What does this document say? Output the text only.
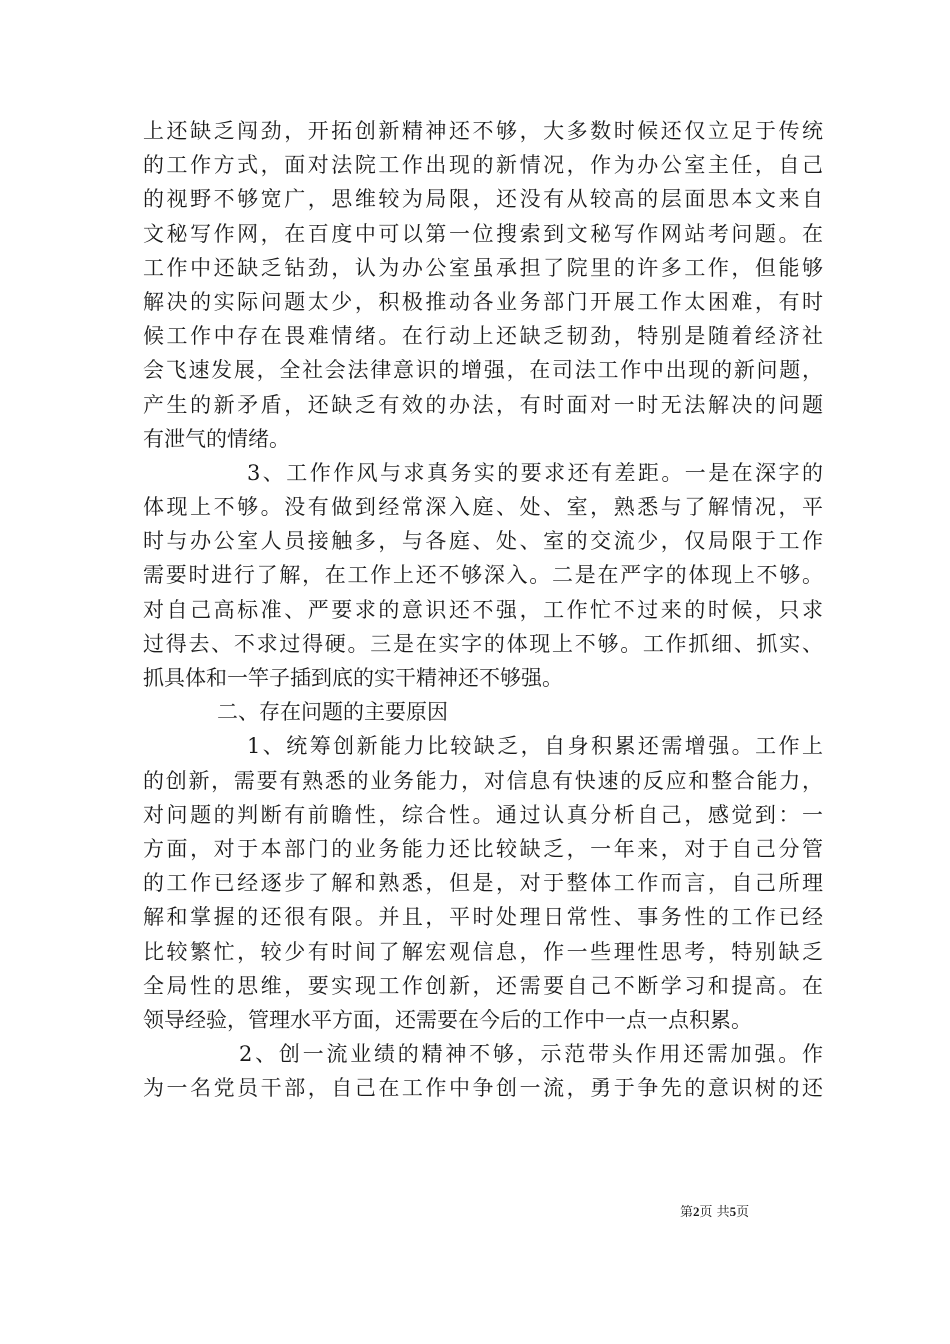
上还缺乏闯劲，开拓创新精神还不够，大多数时候还仅立足于传统
的工作方式，面对法院工作出现的新情况，作为办公室主任，自己
的视野不够宽广，思维较为局限，还没有从较高的层面思本文来自
文秘写作网，在百度中可以第一位搜索到文秘写作网站考问题。在
工作中还缺乏钻劲，认为办公室虽承担了院里的许多工作，但能够
解决的实际问题太少，积极推动各业务部门开展工作太困难，有时
候工作中存在畏难情绪。在行动上还缺乏韧劲，特别是随着经济社
会飞速发展，全社会法律意识的增强，在司法工作中出现的新问题，
产生的新矛盾，还缺乏有效的办法，有时面对一时无法解决的问题
有泄气的情绪。
3、工作作风与求真务实的要求还有差距。一是在深字的
体现上不够。没有做到经常深入庭、处、室，熟悉与了解情况，平
时与办公室人员接触多，与各庭、处、室的交流少，仅局限于工作
需要时进行了解，在工作上还不够深入。二是在严字的体现上不够。
对自己高标准、严要求的意识还不强，工作忙不过来的时候，只求
过得去、不求过得硬。三是在实字的体现上不够。工作抓细、抓实、
抓具体和一竿子插到底的实干精神还不够强。
二、存在问题的主要原因
1、统筹创新能力比较缺乏，自身积累还需增强。工作上
的创新，需要有熟悉的业务能力，对信息有快速的反应和整合能力，
对问题的判断有前瞻性，综合性。通过认真分析自己，感觉到：一
方面，对于本部门的业务能力还比较缺乏，一年来，对于自己分管
的工作已经逐步了解和熟悉，但是，对于整体工作而言，自己所理
解和掌握的还很有限。并且，平时处理日常性、事务性的工作已经
比较繁忙，较少有时间了解宏观信息，作一些理性思考，特别缺乏
全局性的思维，要实现工作创新，还需要自己不断学习和提高。在
领导经验，管理水平方面，还需要在今后的工作中一点一点积累。
2、创一流业绩的精神不够，示范带头作用还需加强。作
为一名党员干部，自己在工作中争创一流，勇于争先的意识树的还
第2页 共5页
